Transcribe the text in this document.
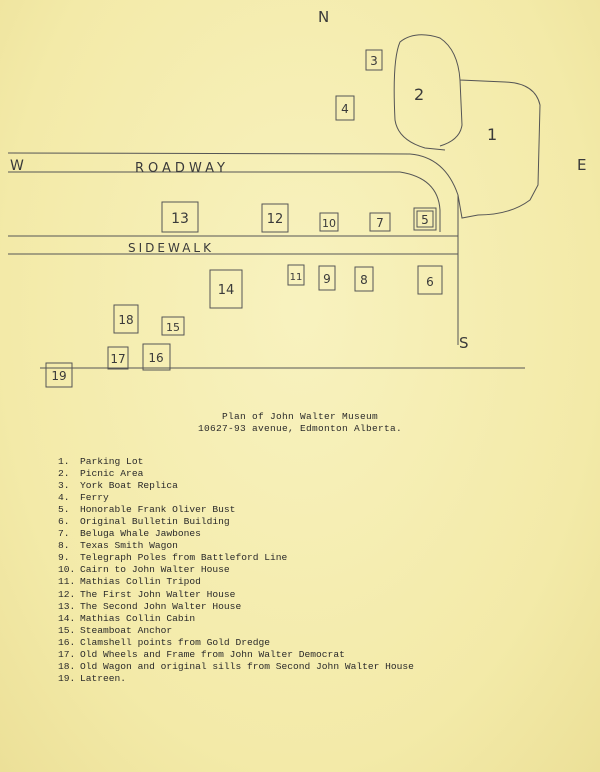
N
E
S
W	ROADWAY
SIDEWALK
1
2
3
4
5
6
7
8
9
10
11
12
13
14
15
16
17
18
19
Plan of John Walter Museum
10627-93 avenue, Edmonton Alberta.
1. Parking Lot
2. Picnic Area
3. York Boat Replica
4. Ferry
5. Honorable Frank Oliver Bust
6. Original Bulletin Building
7. Beluga Whale Jawbones
8. Texas Smith Wagon
9. Telegraph Poles from Battleford Line
10. Cairn to John Walter House
11. Mathias Collin Tripod
12. The First John Walter House
13. The Second John Walter House
14. Mathias Collin Cabin
15. Steamboat Anchor
16. Clamshell points from Gold Dredge
17. Old Wheels and Frame from John Walter Democrat
18. Old Wagon and original sills from Second John Walter House
19. Latreen.
